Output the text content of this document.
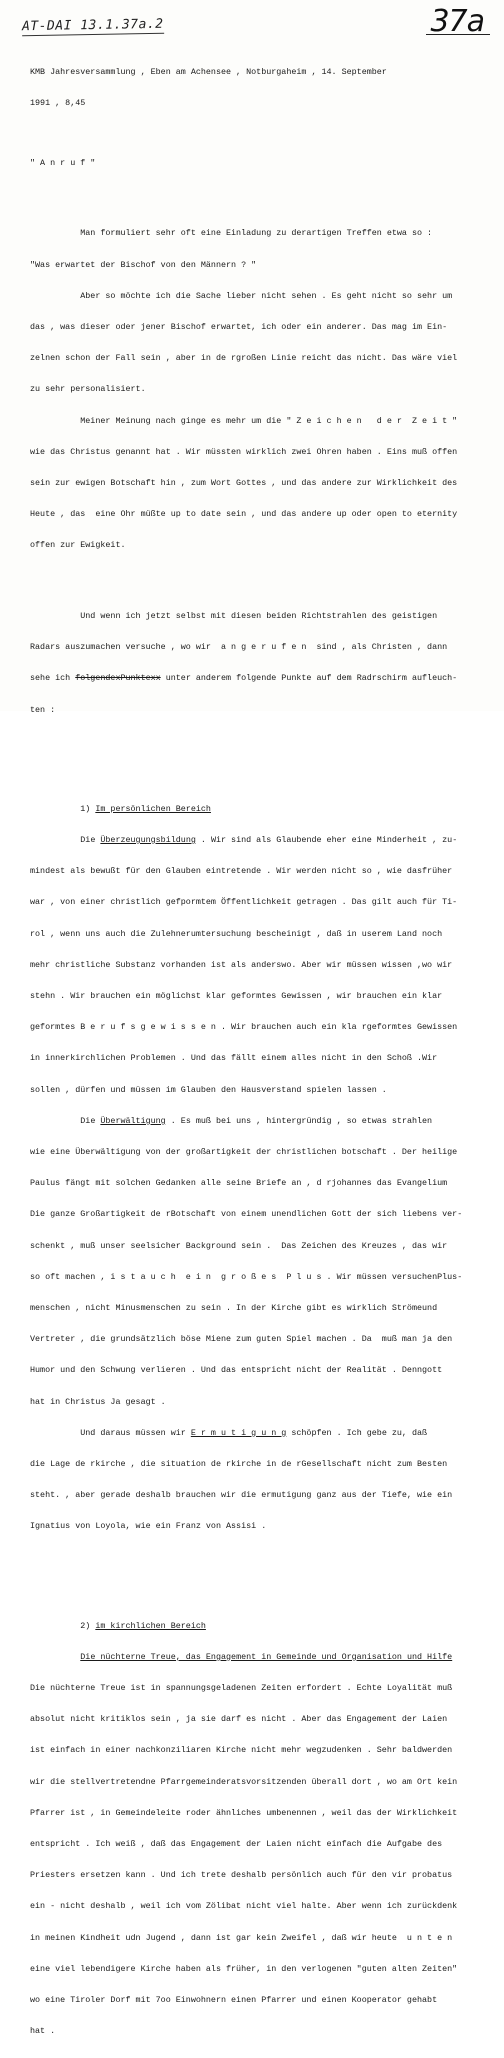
AT-DAI 13.1.37a.2	37a

KMB Jahresversammlung , Eben am Achensee , Notburgaheim , 14. September

1991 , 8,45

" A n r u f "

Man formuliert sehr oft eine Einladung zu derartigen Treffen etwa so :

"Was erwartet der Bischof von den Männern ? "

Aber so möchte ich die Sache lieber nicht sehen . Es geht nicht so sehr um

das , was dieser oder jener Bischof erwartet, ich oder ein anderer. Das mag im Ein-

zelnen schon der Fall sein , aber in de rgroßen Linie reicht das nicht. Das wäre viel

zu sehr personalisiert.

Meiner Meinung nach ginge es mehr um die " Z e i c h e n   d e r  Z e i t "

wie das Christus genannt hat . Wir müssten wirklich zwei Ohren haben . Eins muß offen

sein zur ewigen Botschaft hin , zum Wort Gottes , und das andere zur Wirklichkeit des

Heute , das  eine Ohr müßte up to date sein , und das andere up oder open to eternity

offen zur Ewigkeit.

Und wenn ich jetzt selbst mit diesen beiden Richtstrahlen des geistigen

Radars auszumachen versuche , wo wir  a n g e r u f e n  sind , als Christen , dann

sehe ich folgendexPunktexx unter anderem folgende Punkte auf dem Radrschirm aufleuch-

ten :

1) Im persönlichen Bereich

Die Überzeugungsbildung . Wir sind als Glaubende eher eine Minderheit , zu-

mindest als bewußt für den Glauben eintretende . Wir werden nicht so , wie dasfrüher

war , von einer christlich gefpormtem Öffentlichkeit getragen . Das gilt auch für Ti-

rol , wenn uns auch die Zulehnerumtersuchung bescheinigt , daß in userem Land noch

mehr christliche Substanz vorhanden ist als anderswo. Aber wir müssen wissen ,wo wir

stehn . Wir brauchen ein möglichst klar geformtes Gewissen , wir brauchen ein klar

geformtes B e r u f s g e w i s s e n . Wir brauchen auch ein kla rgeformtes Gewissen

in innerkirchlichen Problemen . Und das fällt einem alles nicht in den Schoß .Wir

sollen , dürfen und müssen im Glauben den Hausverstand spielen lassen .

Die Überwältigung . Es muß bei uns , hintergründig , so etwas strahlen

wie eine Überwältigung von der großartigkeit der christlichen botschaft . Der heilige

Paulus fängt mit solchen Gedanken alle seine Briefe an , d rjohannes das Evangelium

Die ganze Großartigkeit de rBotschaft von einem unendlichen Gott der sich liebens ver-

schenkt , muß unser seelsicher Background sein .  Das Zeichen des Kreuzes , das wir

so oft machen , i s t a u c h  e i n  g r o ß e s  P l u s . Wir müssen versuchenPlus-

menschen , nicht Minusmenschen zu sein . In der Kirche gibt es wirklich Strömeund

Vertreter , die grundsätzlich böse Miene zum guten Spiel machen . Da  muß man ja den

Humor und den Schwung verlieren . Und das entspricht nicht der Realität . Denngott

hat in Christus Ja gesagt .

Und daraus müssen wir E r m u t i g u n g schöpfen . Ich gebe zu, daß

die Lage de rkirche , die situation de rkirche in de rGesellschaft nicht zum Besten

steht. , aber gerade deshalb brauchen wir die ermutigung ganz aus der Tiefe, wie ein

Ignatius von Loyola, wie ein Franz von Assisi .

2) im kirchlichen Bereich

Die nüchterne Treue, das Engagement in Gemeinde und Organisation und Hilfe

Die nüchterne Treue ist in spannungsgeladenen Zeiten erfordert . Echte Loyalität muß

absolut nicht kritiklos sein , ja sie darf es nicht . Aber das Engagement der Laien

ist einfach in einer nachkonziliaren Kirche nicht mehr wegzudenken . Sehr baldwerden

wir die stellvertretendne Pfarrgemeinderatsvorsitzenden überall dort , wo am Ort kein

Pfarrer ist , in Gemeindeleite roder ähnliches umbenennen , weil das der Wirklichkeit

entspricht . Ich weiß , daß das Engagement der Laien nicht einfach die Aufgabe des

Priesters ersetzen kann . Und ich trete deshalb persönlich auch für den vir probatus

ein - nicht deshalb , weil ich vom Zölibat nicht viel halte. Aber wenn ich zurückdenk

in meinen Kindheit udn Jugend , dann ist gar kein Zweifel , daß wir heute  u n t e n

eine viel lebendigere Kirche haben als früher, in den verlogenen "guten alten Zeiten"

wo eine Tiroler Dorf mit 7oo Einwohnern einen Pfarrer und einen Kooperator gehabt

hat .
